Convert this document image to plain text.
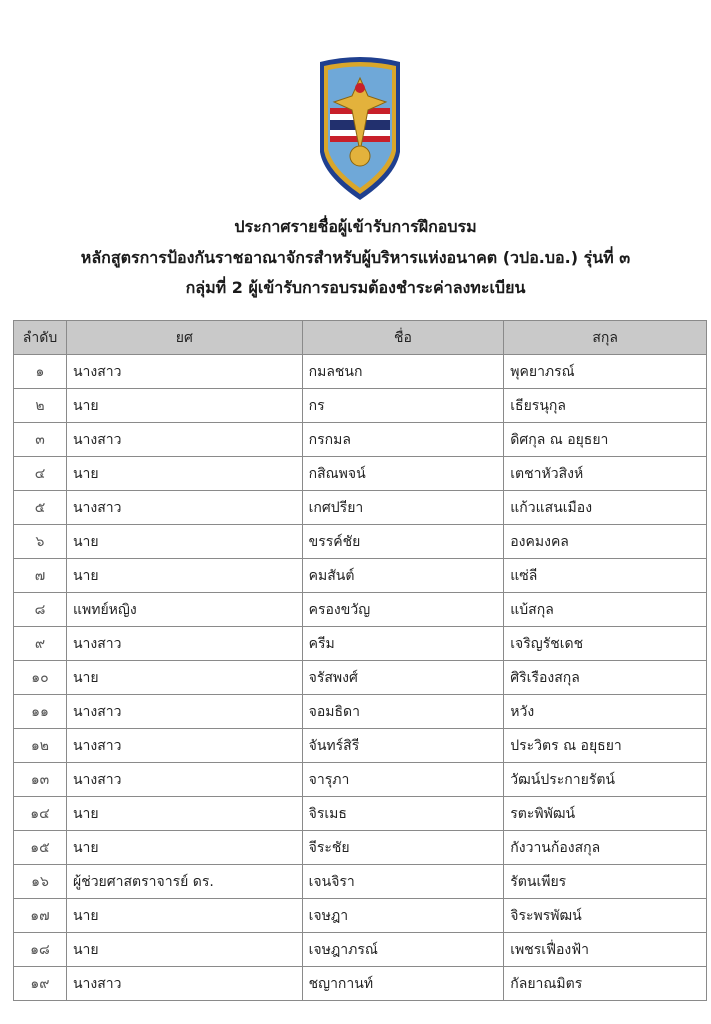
ประกาศรายชื่อผู้เข้ารับการฝึกอบรม
หลักสูตรการป้องกันราชอาณาจักรสำหรับผู้บริหารแห่งอนาคต (วปอ.บอ.) รุ่นที่ ๓
กลุ่มที่ 2 ผู้เข้ารับการอบรมต้องชำระค่าลงทะเบียน
ลำดับ	ยศ	ชื่อ	สกุล
๑	นางสาว	กมลชนก	พุคยาภรณ์
๒	นาย	กร	เธียรนุกุล
๓	นางสาว	กรกมล	ดิศกุล ณ อยุธยา
๔	นาย	กสิณพจน์	เตชาหัวสิงห์
๕	นางสาว	เกศปรียา	แก้วแสนเมือง
๖	นาย	ขรรค์ชัย	องคมงคล
๗	นาย	คมสันต์	แซ่ลี
๘	แพทย์หญิง	ครองขวัญ	แบ้สกุล
๙	นางสาว	ครีม	เจริญรัชเดช
๑๐	นาย	จรัสพงศ์	ศิริเรืองสกุล
๑๑	นางสาว	จอมธิดา	หวัง
๑๒	นางสาว	จันทร์สิรี	ประวิตร ณ อยุธยา
๑๓	นางสาว	จารุภา	วัฒน์ประกายรัตน์
๑๔	นาย	จิรเมธ	รตะพิพัฒน์
๑๕	นาย	จีระชัย	กังวานก้องสกุล
๑๖	ผู้ช่วยศาสตราจารย์ ดร.	เจนจิรา	รัตนเพียร
๑๗	นาย	เจษฎา	จิระพรพัฒน์
๑๘	นาย	เจษฎาภรณ์	เพชรเฟื่องฟ้า
๑๙	นางสาว	ชญากานท์	กัลยาณมิตร
